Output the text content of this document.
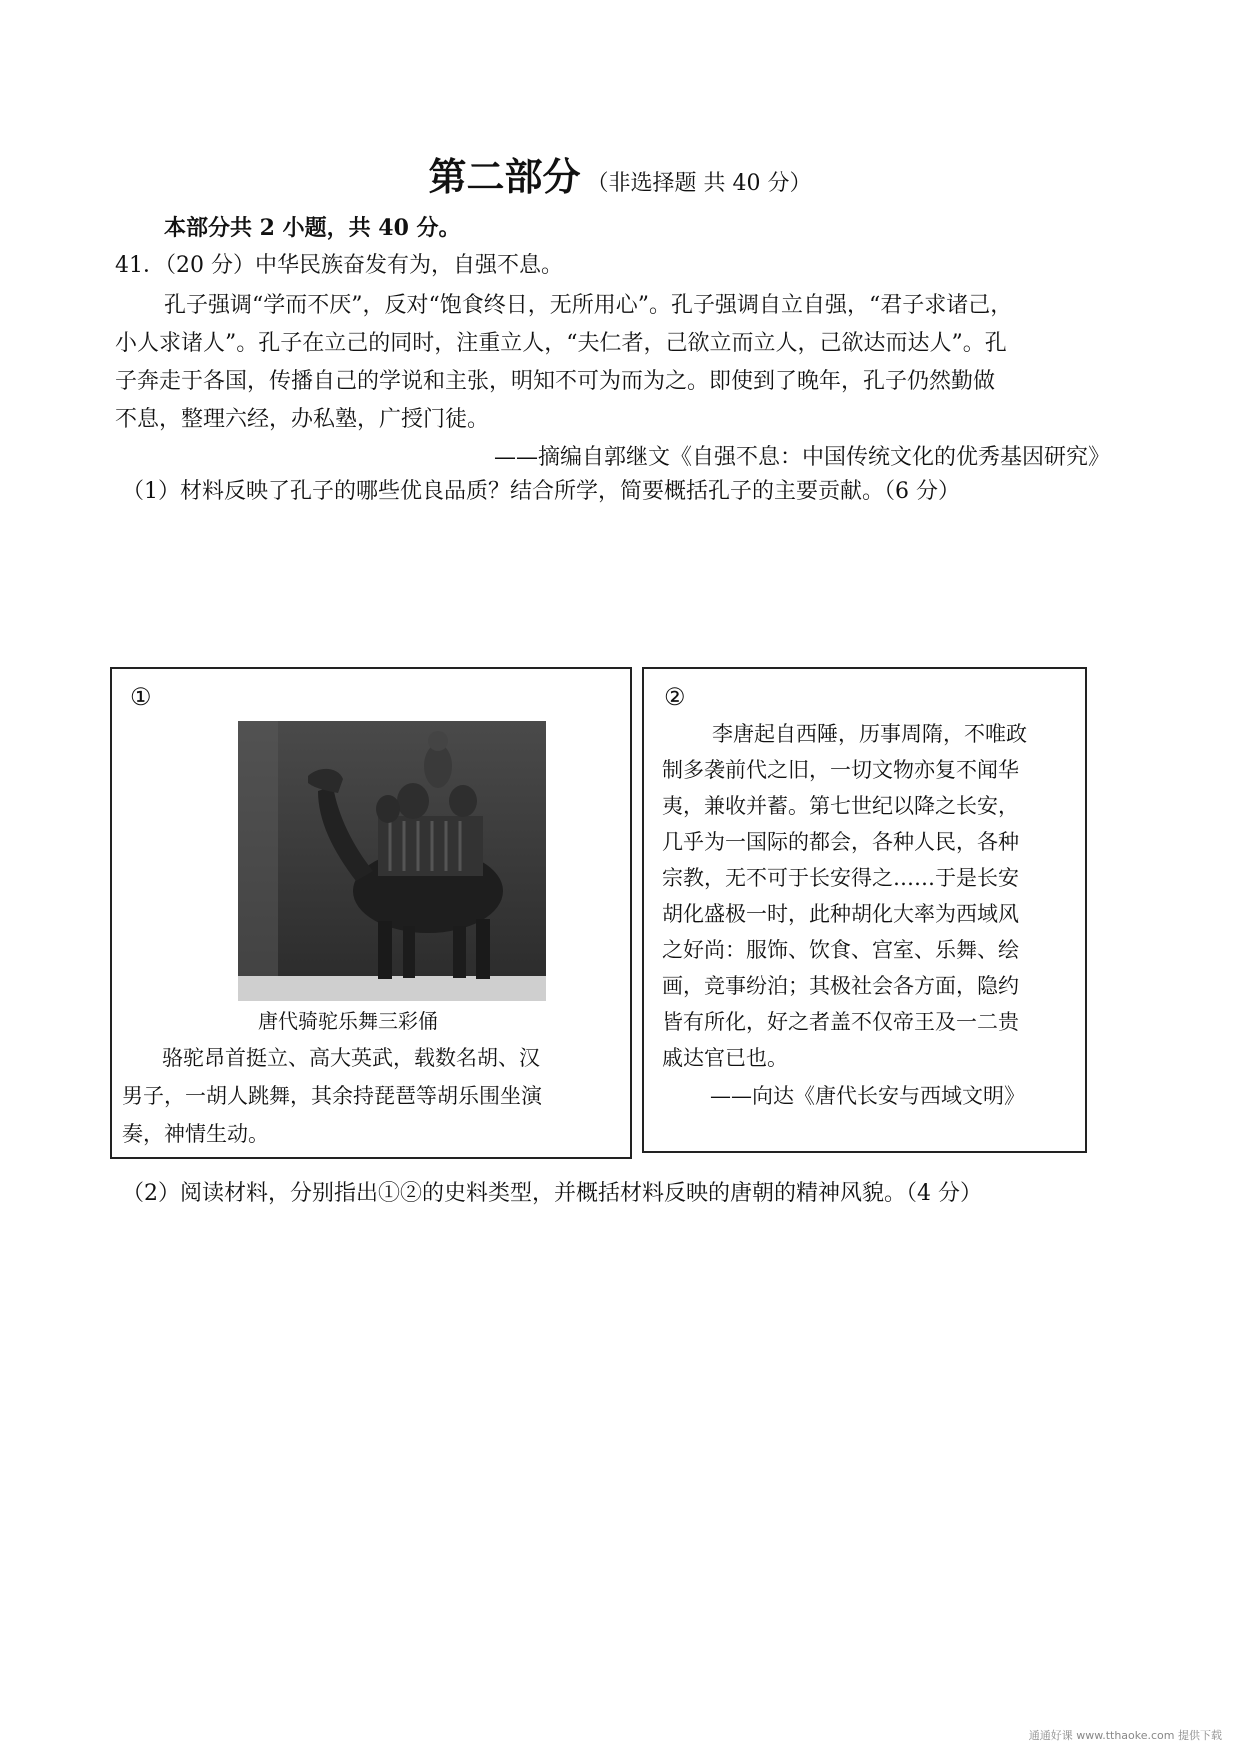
第二部分 （非选择题 共 40 分）
本部分共 2 小题，共 40 分。
41．（20 分）中华民族奋发有为，自强不息。
孔子强调“学而不厌”，反对“饱食终日，无所用心”。孔子强调自立自强，“君子求诸己，
小人求诸人”。孔子在立己的同时，注重立人，“夫仁者，己欲立而立人，己欲达而达人”。孔
子奔走于各国，传播自己的学说和主张，明知不可为而为之。即使到了晚年，孔子仍然勤做
不息，整理六经，办私塾，广授门徒。
——摘编自郭继文《自强不息：中国传统文化的优秀基因研究》
（1）材料反映了孔子的哪些优良品质？结合所学，简要概括孔子的主要贡献。（6 分）
①
唐代骑驼乐舞三彩俑
骆驼昂首挺立、高大英武，载数名胡、汉
男子，一胡人跳舞，其余持琵琶等胡乐围坐演
奏，神情生动。
②
李唐起自西陲，历事周隋，不唯政
制多袭前代之旧，一切文物亦复不闻华
夷，兼收并蓄。第七世纪以降之长安，
几乎为一国际的都会，各种人民，各种
宗教，无不可于长安得之……于是长安
胡化盛极一时，此种胡化大率为西域风
之好尚：服饰、饮食、宫室、乐舞、绘
画，竞事纷泊；其极社会各方面，隐约
皆有所化，好之者盖不仅帝王及一二贵
戚达官已也。
——向达《唐代长安与西域文明》
（2）阅读材料，分别指出①②的史料类型，并概括材料反映的唐朝的精神风貌。（4 分）
通通好课 www.tthaoke.com 提供下载
